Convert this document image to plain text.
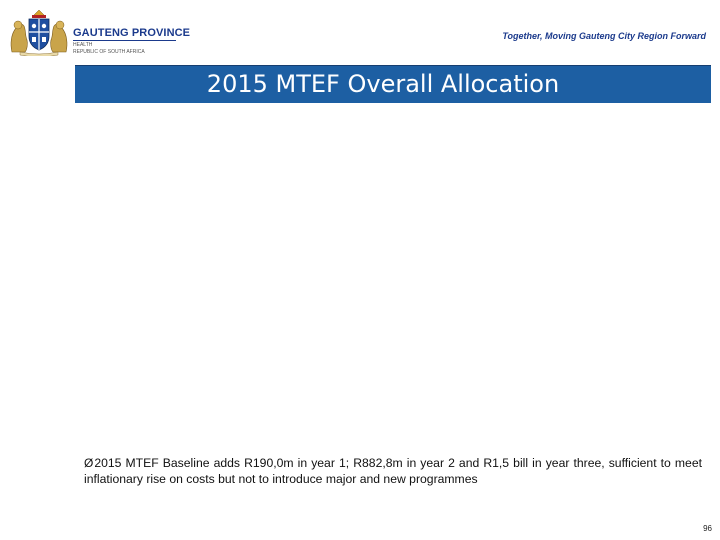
GAUTENG PROVINCE
HEALTH
REPUBLIC OF SOUTH AFRICA
Together, Moving Gauteng City Region Forward
2015 MTEF Overall Allocation
Ø2015 MTEF Baseline adds R190,0m in year 1; R882,8m in year 2 and R1,5 bill in year three, sufficient to meet inflationary rise on costs but not to introduce major and new programmes
96
